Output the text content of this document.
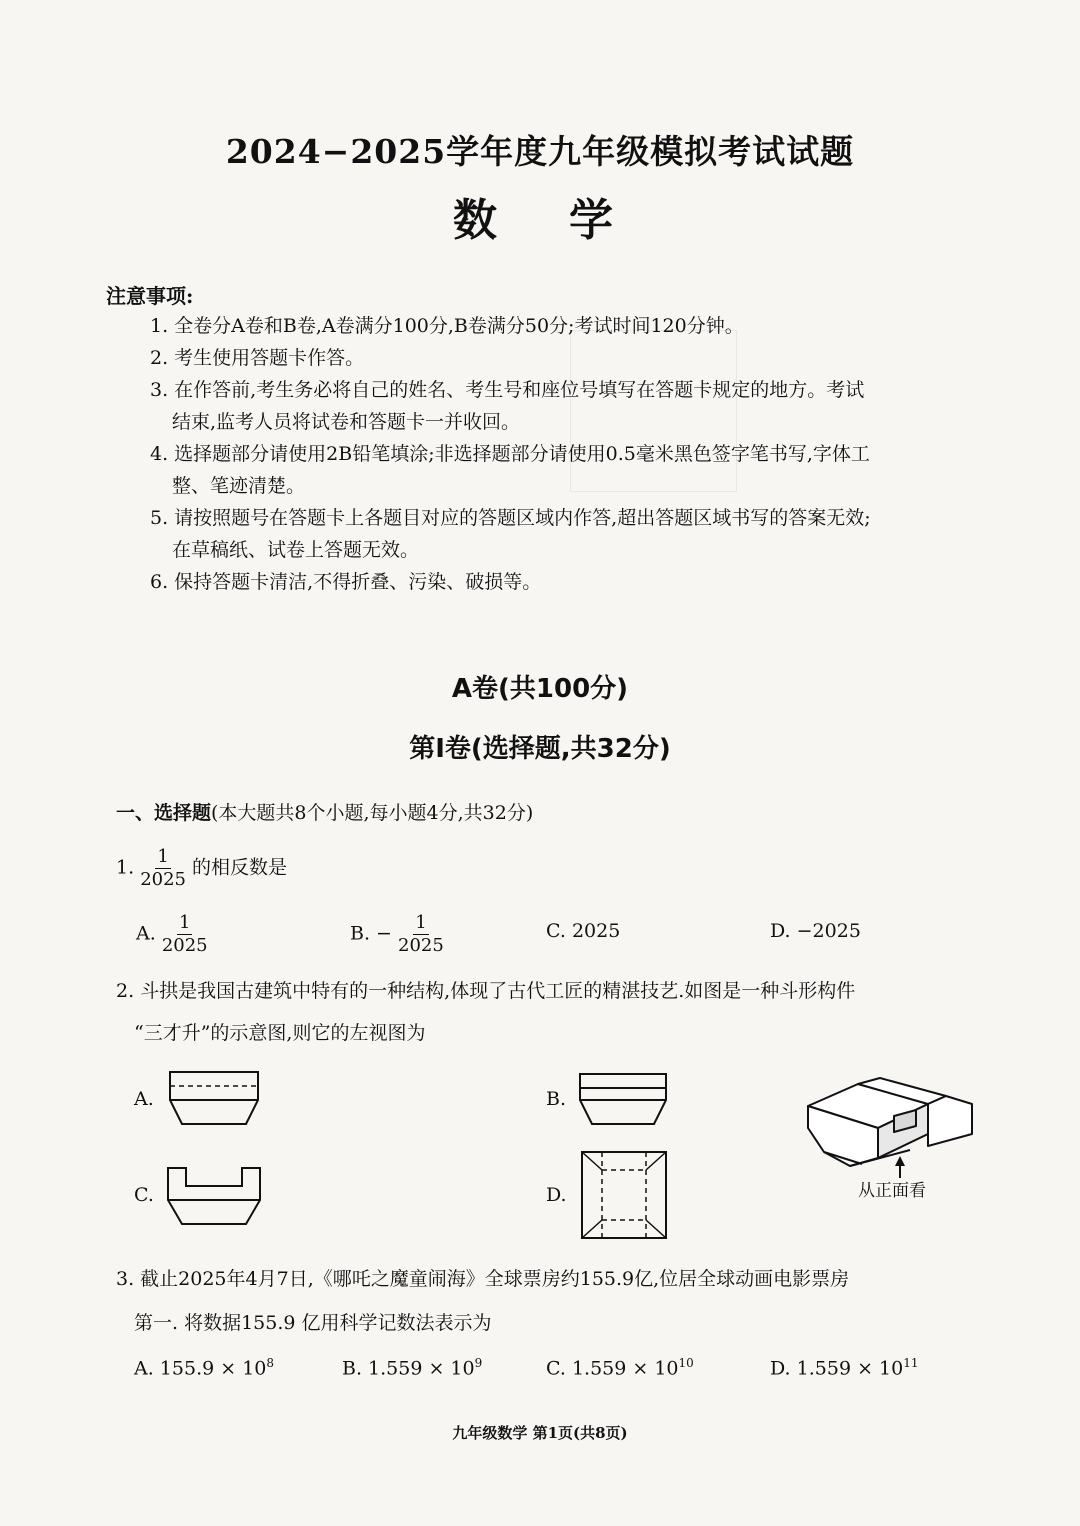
2024−2025学年度九年级模拟考试试题
数　学
注意事项:
1. 全卷分A卷和B卷,A卷满分100分,B卷满分50分;考试时间120分钟。
2. 考生使用答题卡作答。
3. 在作答前,考生务必将自己的姓名、考生号和座位号填写在答题卡规定的地方。考试
结束,监考人员将试卷和答题卡一并收回。
4. 选择题部分请使用2B铅笔填涂;非选择题部分请使用0.5毫米黑色签字笔书写,字体工
整、笔迹清楚。
5. 请按照题号在答题卡上各题目对应的答题区域内作答,超出答题区域书写的答案无效;
在草稿纸、试卷上答题无效。
6. 保持答题卡清洁,不得折叠、污染、破损等。
A卷(共100分)
第Ⅰ卷(选择题,共32分)
一、选择题(本大题共8个小题,每小题4分,共32分)
1. $\frac{1}{2025}$ 的相反数是
A. $\frac{1}{2025}$	B. − $\frac{1}{2025}$	C. 2025	D. −2025
2. 斗拱是我国古建筑中特有的一种结构,体现了古代工匠的精湛技艺.如图是一种斗形构件
“三才升”的示意图,则它的左视图为
A.	B.
C.	D.	从正面看
3. 截止2025年4月7日,《哪吒之魔童闹海》全球票房约155.9亿,位居全球动画电影票房
第一. 将数据155.9 亿用科学记数法表示为
A. $155.9 \times 10^8$	B. $1.559 \times 10^9$	C. $1.559 \times 10^{10}$	D. $1.559 \times 10^{11}$
九年级数学 第1页(共8页)
